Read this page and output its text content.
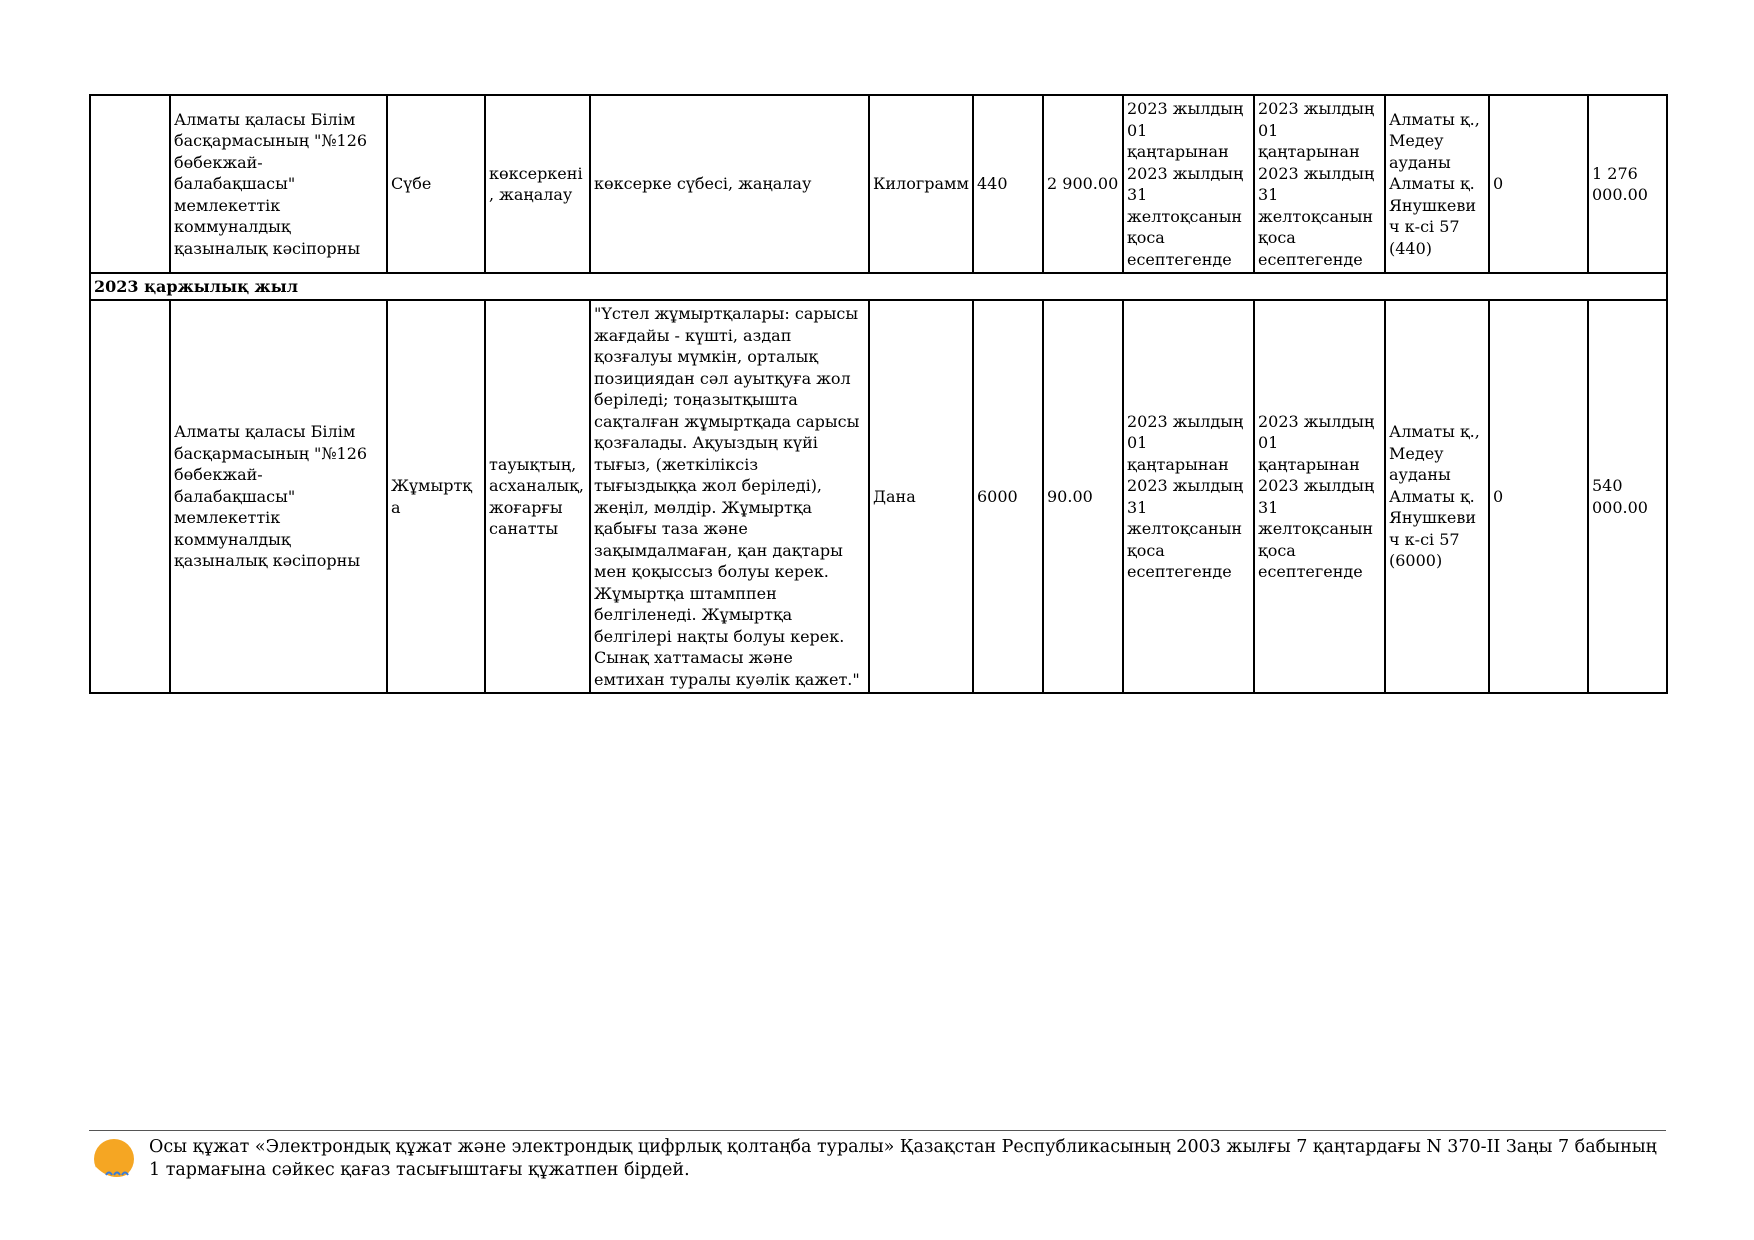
	Алматы қаласы Білім басқармасының "№126 бөбекжай-балабақшасы" мемлекеттік коммуналдық қазыналық кәсіпорны	Сүбе	көксеркені, жаңалау	көксерке сүбесі, жаңалау	Килограмм	440	2 900.00	2023 жылдың 01 қаңтарынан 2023 жылдың 31 желтоқсанын қоса есептегенде	2023 жылдың 01 қаңтарынан 2023 жылдың 31 желтоқсанын қоса есептегенде	Алматы қ., Медеу ауданы Алматы қ. Янушкевич к-сі 57 (440)	0	1 276 000.00
2023 қаржылық жыл												
	Алматы қаласы Білім басқармасының "№126 бөбекжай-балабақшасы" мемлекеттік коммуналдық қазыналық кәсіпорны	Жұмыртқа	тауықтың, асханалық, жоғарғы санатты	"Үстел жұмыртқалары: сарысы жағдайы - күшті, аздап қозғалуы мүмкін, орталық позициядан сәл ауытқуға жол беріледі; тоңазытқышта сақталған жұмыртқада сарысы қозғалады. Ақуыздың күйі тығыз, (жеткіліксіз тығыздыққа жол беріледі), жеңіл, мөлдір. Жұмыртқа қабығы таза және зақымдалмаған, қан дақтары мен қоқыссыз болуы керек. Жұмыртқа штамппен белгіленеді. Жұмыртқа белгілері нақты болуы керек. Сынақ хаттамасы және емтихан туралы куәлік қажет."	Дана	6000	90.00	2023 жылдың 01 қаңтарынан 2023 жылдың 31 желтоқсанын қоса есептегенде	2023 жылдың 01 қаңтарынан 2023 жылдың 31 желтоқсанын қоса есептегенде	Алматы қ., Медеу ауданы Алматы қ. Янушкевич к-сі 57 (6000)	0	540 000.00
Осы құжат «Электрондық құжат және электрондық цифрлық қолтаңба туралы» Қазақстан Республикасының 2003 жылғы 7 қаңтардағы N 370-II Заңы 7 бабының 1 тармағына сәйкес қағаз тасығыштағы құжатпен бірдей.
